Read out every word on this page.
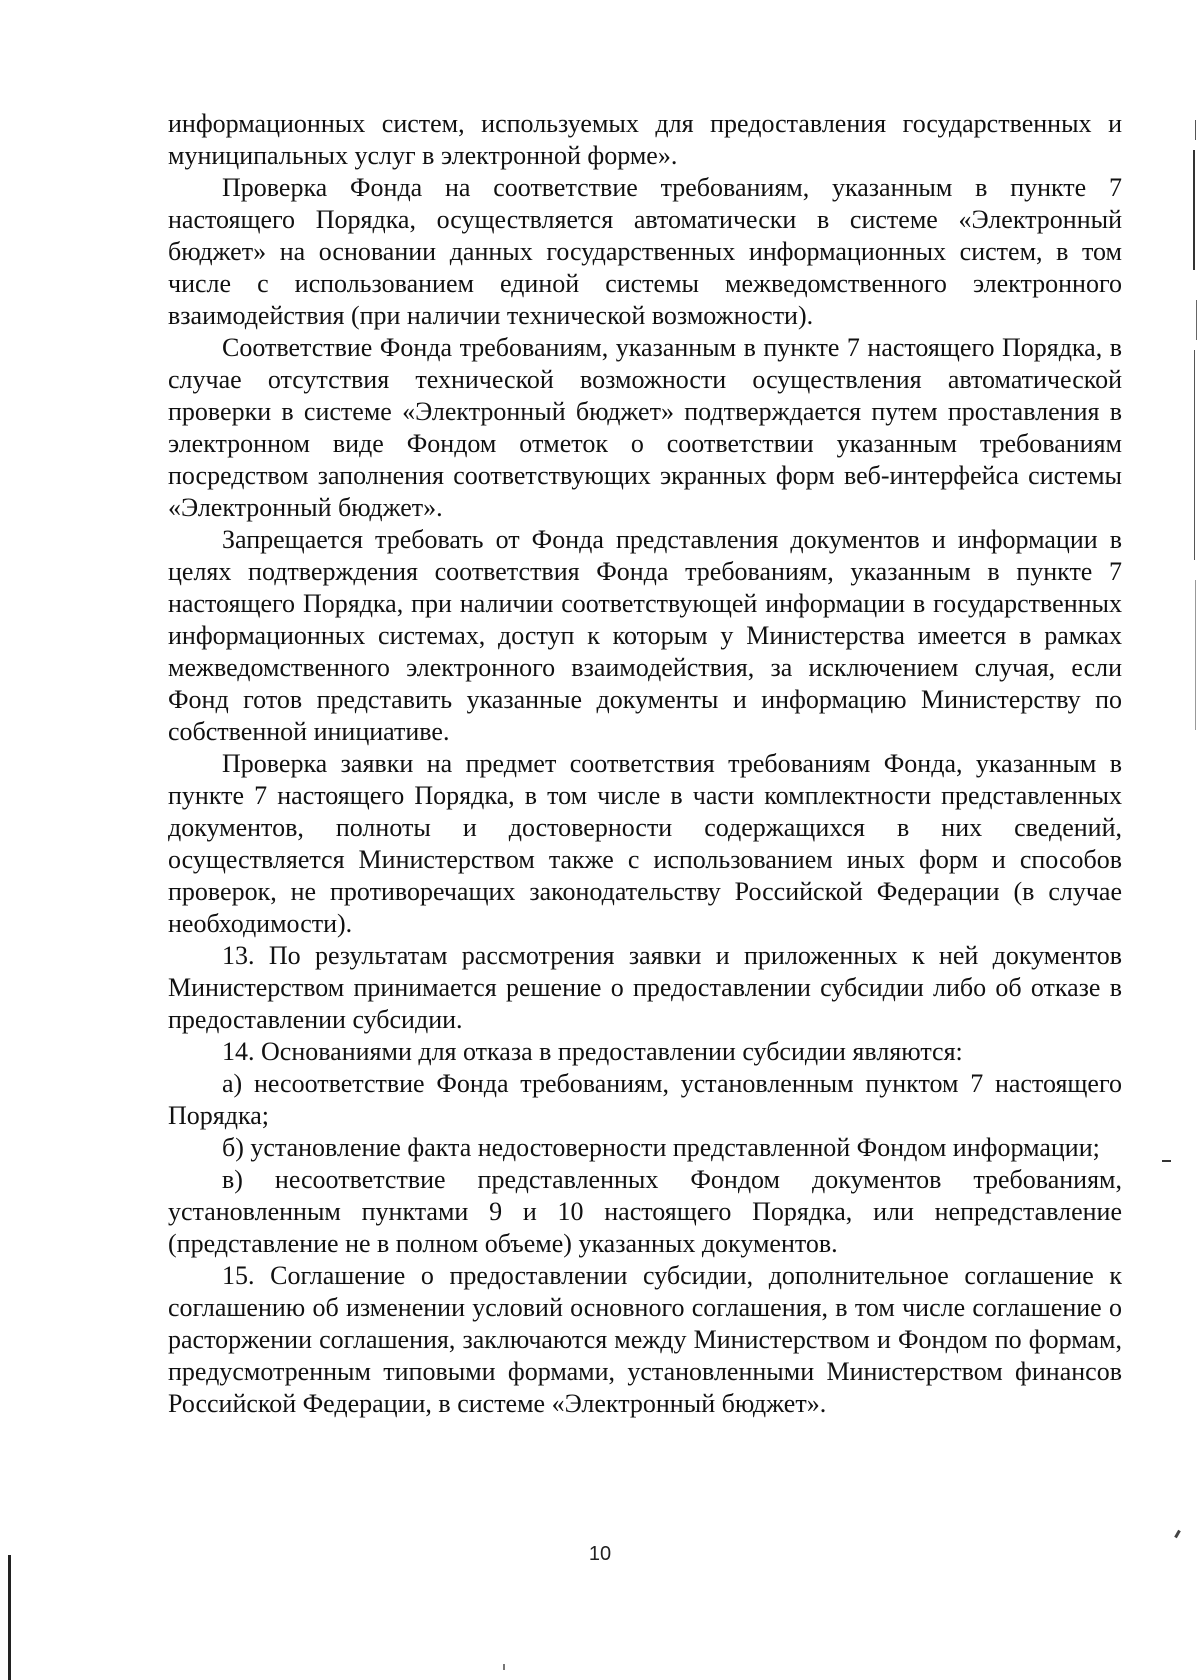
информационных систем, используемых для предоставления государственных и муниципальных услуг в электронной форме».

Проверка Фонда на соответствие требованиям, указанным в пункте 7 настоящего Порядка, осуществляется автоматически в системе «Электронный бюджет» на основании данных государственных информационных систем, в том числе с использованием единой системы межведомственного электронного взаимодействия (при наличии технической возможности).

Соответствие Фонда требованиям, указанным в пункте 7 настоящего Порядка, в случае отсутствия технической возможности осуществления автоматической проверки в системе «Электронный бюджет» подтверждается путем проставления в электронном виде Фондом отметок о соответствии указанным требованиям посредством заполнения соответствующих экранных форм веб-интерфейса системы «Электронный бюджет».

Запрещается требовать от Фонда представления документов и информации в целях подтверждения соответствия Фонда требованиям, указанным в пункте 7 настоящего Порядка, при наличии соответствующей информации в государственных информационных системах, доступ к которым у Министерства имеется в рамках межведомственного электронного взаимодействия, за исключением случая, если Фонд готов представить указанные документы и информацию Министерству по собственной инициативе.

Проверка заявки на предмет соответствия требованиям Фонда, указанным в пункте 7 настоящего Порядка, в том числе в части комплектности представленных документов, полноты и достоверности содержащихся в них сведений, осуществляется Министерством также с использованием иных форм и способов проверок, не противоречащих законодательству Российской Федерации (в случае необходимости).

13. По результатам рассмотрения заявки и приложенных к ней документов Министерством принимается решение о предоставлении субсидии либо об отказе в предоставлении субсидии.

14. Основаниями для отказа в предоставлении субсидии являются:

а) несоответствие Фонда требованиям, установленным пунктом 7 настоящего Порядка;

б) установление факта недостоверности представленной Фондом информации;

в) несоответствие представленных Фондом документов требованиям, установленным пунктами 9 и 10 настоящего Порядка, или непредставление (представление не в полном объеме) указанных документов.

15. Соглашение о предоставлении субсидии, дополнительное соглашение к соглашению об изменении условий основного соглашения, в том числе соглашение о расторжении соглашения, заключаются между Министерством и Фондом по формам, предусмотренным типовыми формами, установленными Министерством финансов Российской Федерации, в системе «Электронный бюджет».

10
